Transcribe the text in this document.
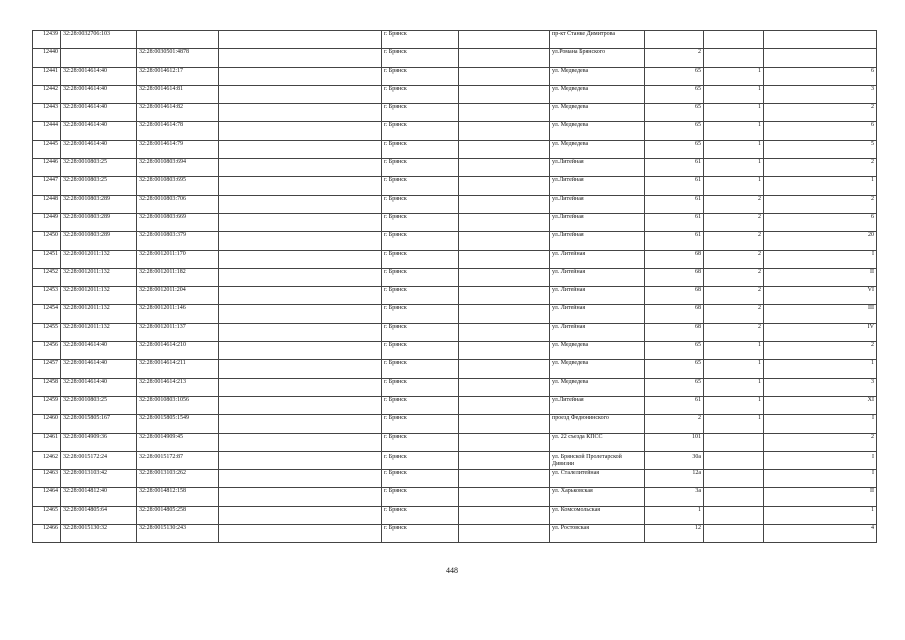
12439	32:28:0032706:103			г. Брянск		пр-кт Станке Димитрова			
12440		32:28:0030501:4878		г. Брянск		ул.Романа Брянского	2		
12441	32:28:0014614:40	32:28:0014612:17		г. Брянск		ул. Медведева	65	1	6
12442	32:28:0014614:40	32:28:0014614:81		г. Брянск		ул. Медведева	65	1	3
12443	32:28:0014614:40	32:28:0014614:82		г. Брянск		ул. Медведева	65	1	2
12444	32:28:0014614:40	32:28:0014614:78		г. Брянск		ул. Медведева	65	1	6
12445	32:28:0014614:40	32:28:0014614:79		г. Брянск		ул. Медведева	65	1	5
12446	32:28:0010803:25	32:28:0010803:694		г. Брянск		ул.Литейная	61	1	2
12447	32:28:0010803:25	32:28:0010803:695		г. Брянск		ул.Литейная	61	1	1
12448	32:28:0010803:289	32:28:0010803:706		г. Брянск		ул.Литейная	61	2	2
12449	32:28:0010803:289	32:28:0010803:669		г. Брянск		ул.Литейная	61	2	6
12450	32:28:0010803:289	32:28:0010803:379		г. Брянск		ул.Литейная	61	2	20
12451	32:28:0012011:132	32:28:0012011:170		г. Брянск		ул. Литейная	68	2	I
12452	32:28:0012011:132	32:28:0012011:182		г. Брянск		ул. Литейная	68	2	II
12453	32:28:0012011:132	32:28:0012011:204		г. Брянск		ул. Литейная	68	2	VI
12454	32:28:0012011:132	32:28:0012011:146		г. Брянск		ул. Литейная	68	2	III
12455	32:28:0012011:132	32:28:0012011:137		г. Брянск		ул. Литейная	68	2	IV
12456	32:28:0014614:40	32:28:0014614:210		г. Брянск		ул. Медведева	65	1	2
12457	32:28:0014614:40	32:28:0014614:211		г. Брянск		ул. Медведева	65	1	1
12458	32:28:0014614:40	32:28:0014614:213		г. Брянск		ул. Медведева	65	1	3
12459	32:28:0010803:25	32:28:0010803:1056		г. Брянск		ул.Литейная	61	1	XI
12460	32:28:0015805:167	32:28:0015805:1549		г. Брянск		проезд Федюнинского	2	1	I
12461	32:28:0014909:36	32:28:0014909:45		г. Брянск		ул. 22 съезда КПСС	101		2
12462	32:28:0015172:24	32:28:0015172:87		г. Брянск		ул. Брянской Пролетарской Дивизии	30а		I
12463	32:28:0013103:42	32:28:0013103:262		г. Брянск		ул. Сталелитейная	12а		I
12464	32:28:0014812:40	32:28:0014812:158		г. Брянск		ул. Харьковская	3а		II
12465	32:28:0014805:64	32:28:0014805:258		г. Брянск		ул. Комсомольская	1		1
12466	32:28:0015130:32	32:28:0015130:243		г. Брянск		ул. Ростовская	12		4
448
